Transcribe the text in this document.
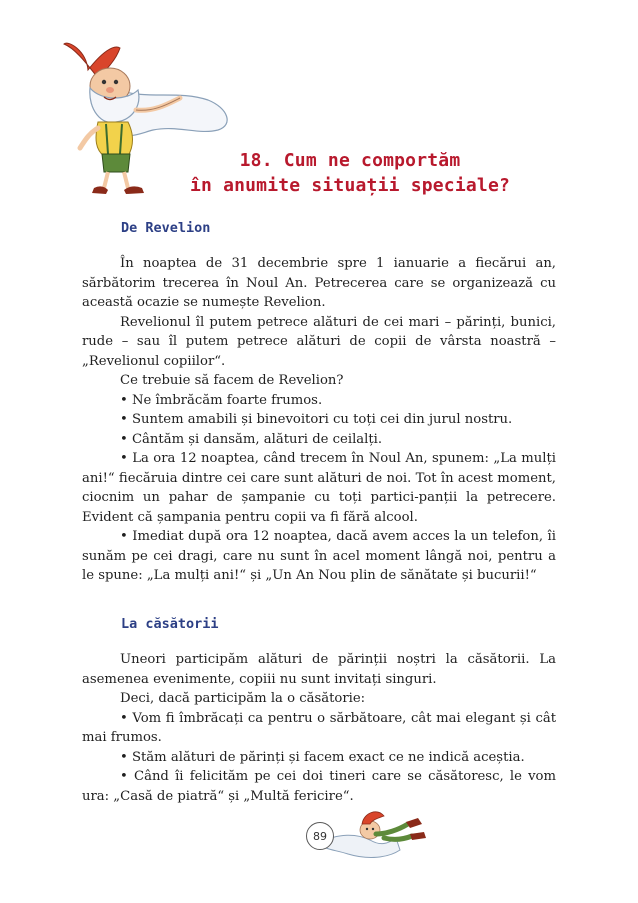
18. Cum ne comportăm
în anumite situații speciale?
De Revelion

În noaptea de 31 decembrie spre 1 ianuarie a fiecărui an, sărbătorim trecerea în Noul An. Petrecerea care se organizează cu această ocazie se numește Revelion.

Revelionul îl putem petrece alături de cei mari – părinți, bunici, rude – sau îl putem petrece alături de copii de vârsta noastră – „Revelionul copiilor“.

Ce trebuie să facem de Revelion?

• Ne îmbrăcăm foarte frumos.

• Suntem amabili și binevoitori cu toți cei din jurul nostru.

• Cântăm și dansăm, alături de ceilalți.

• La ora 12 noaptea, când trecem în Noul An, spunem: „La mulți ani!“ fiecăruia dintre cei care sunt alături de noi. Tot în acest moment, ciocnim un pahar de șampanie cu toți partici-panții la petrecere. Evident că șampania pentru copii va fi fără alcool.

• Imediat după ora 12 noaptea, dacă avem acces la un telefon, îi sunăm pe cei dragi, care nu sunt în acel moment lângă noi, pentru a le spune: „La mulți ani!“ și „Un An Nou plin de sănătate și bucurii!“

La căsătorii

Uneori participăm alături de părinții noștri la căsătorii. La asemenea evenimente, copiii nu sunt invitați singuri.

Deci, dacă participăm la o căsătorie:

• Vom fi îmbrăcați ca pentru o sărbătoare, cât mai elegant și cât mai frumos.

• Stăm alături de părinți și facem exact ce ne indică aceștia.

• Când îi felicităm pe cei doi tineri care se căsătoresc, le vom ura: „Casă de piatră“ și „Multă fericire“.

89
